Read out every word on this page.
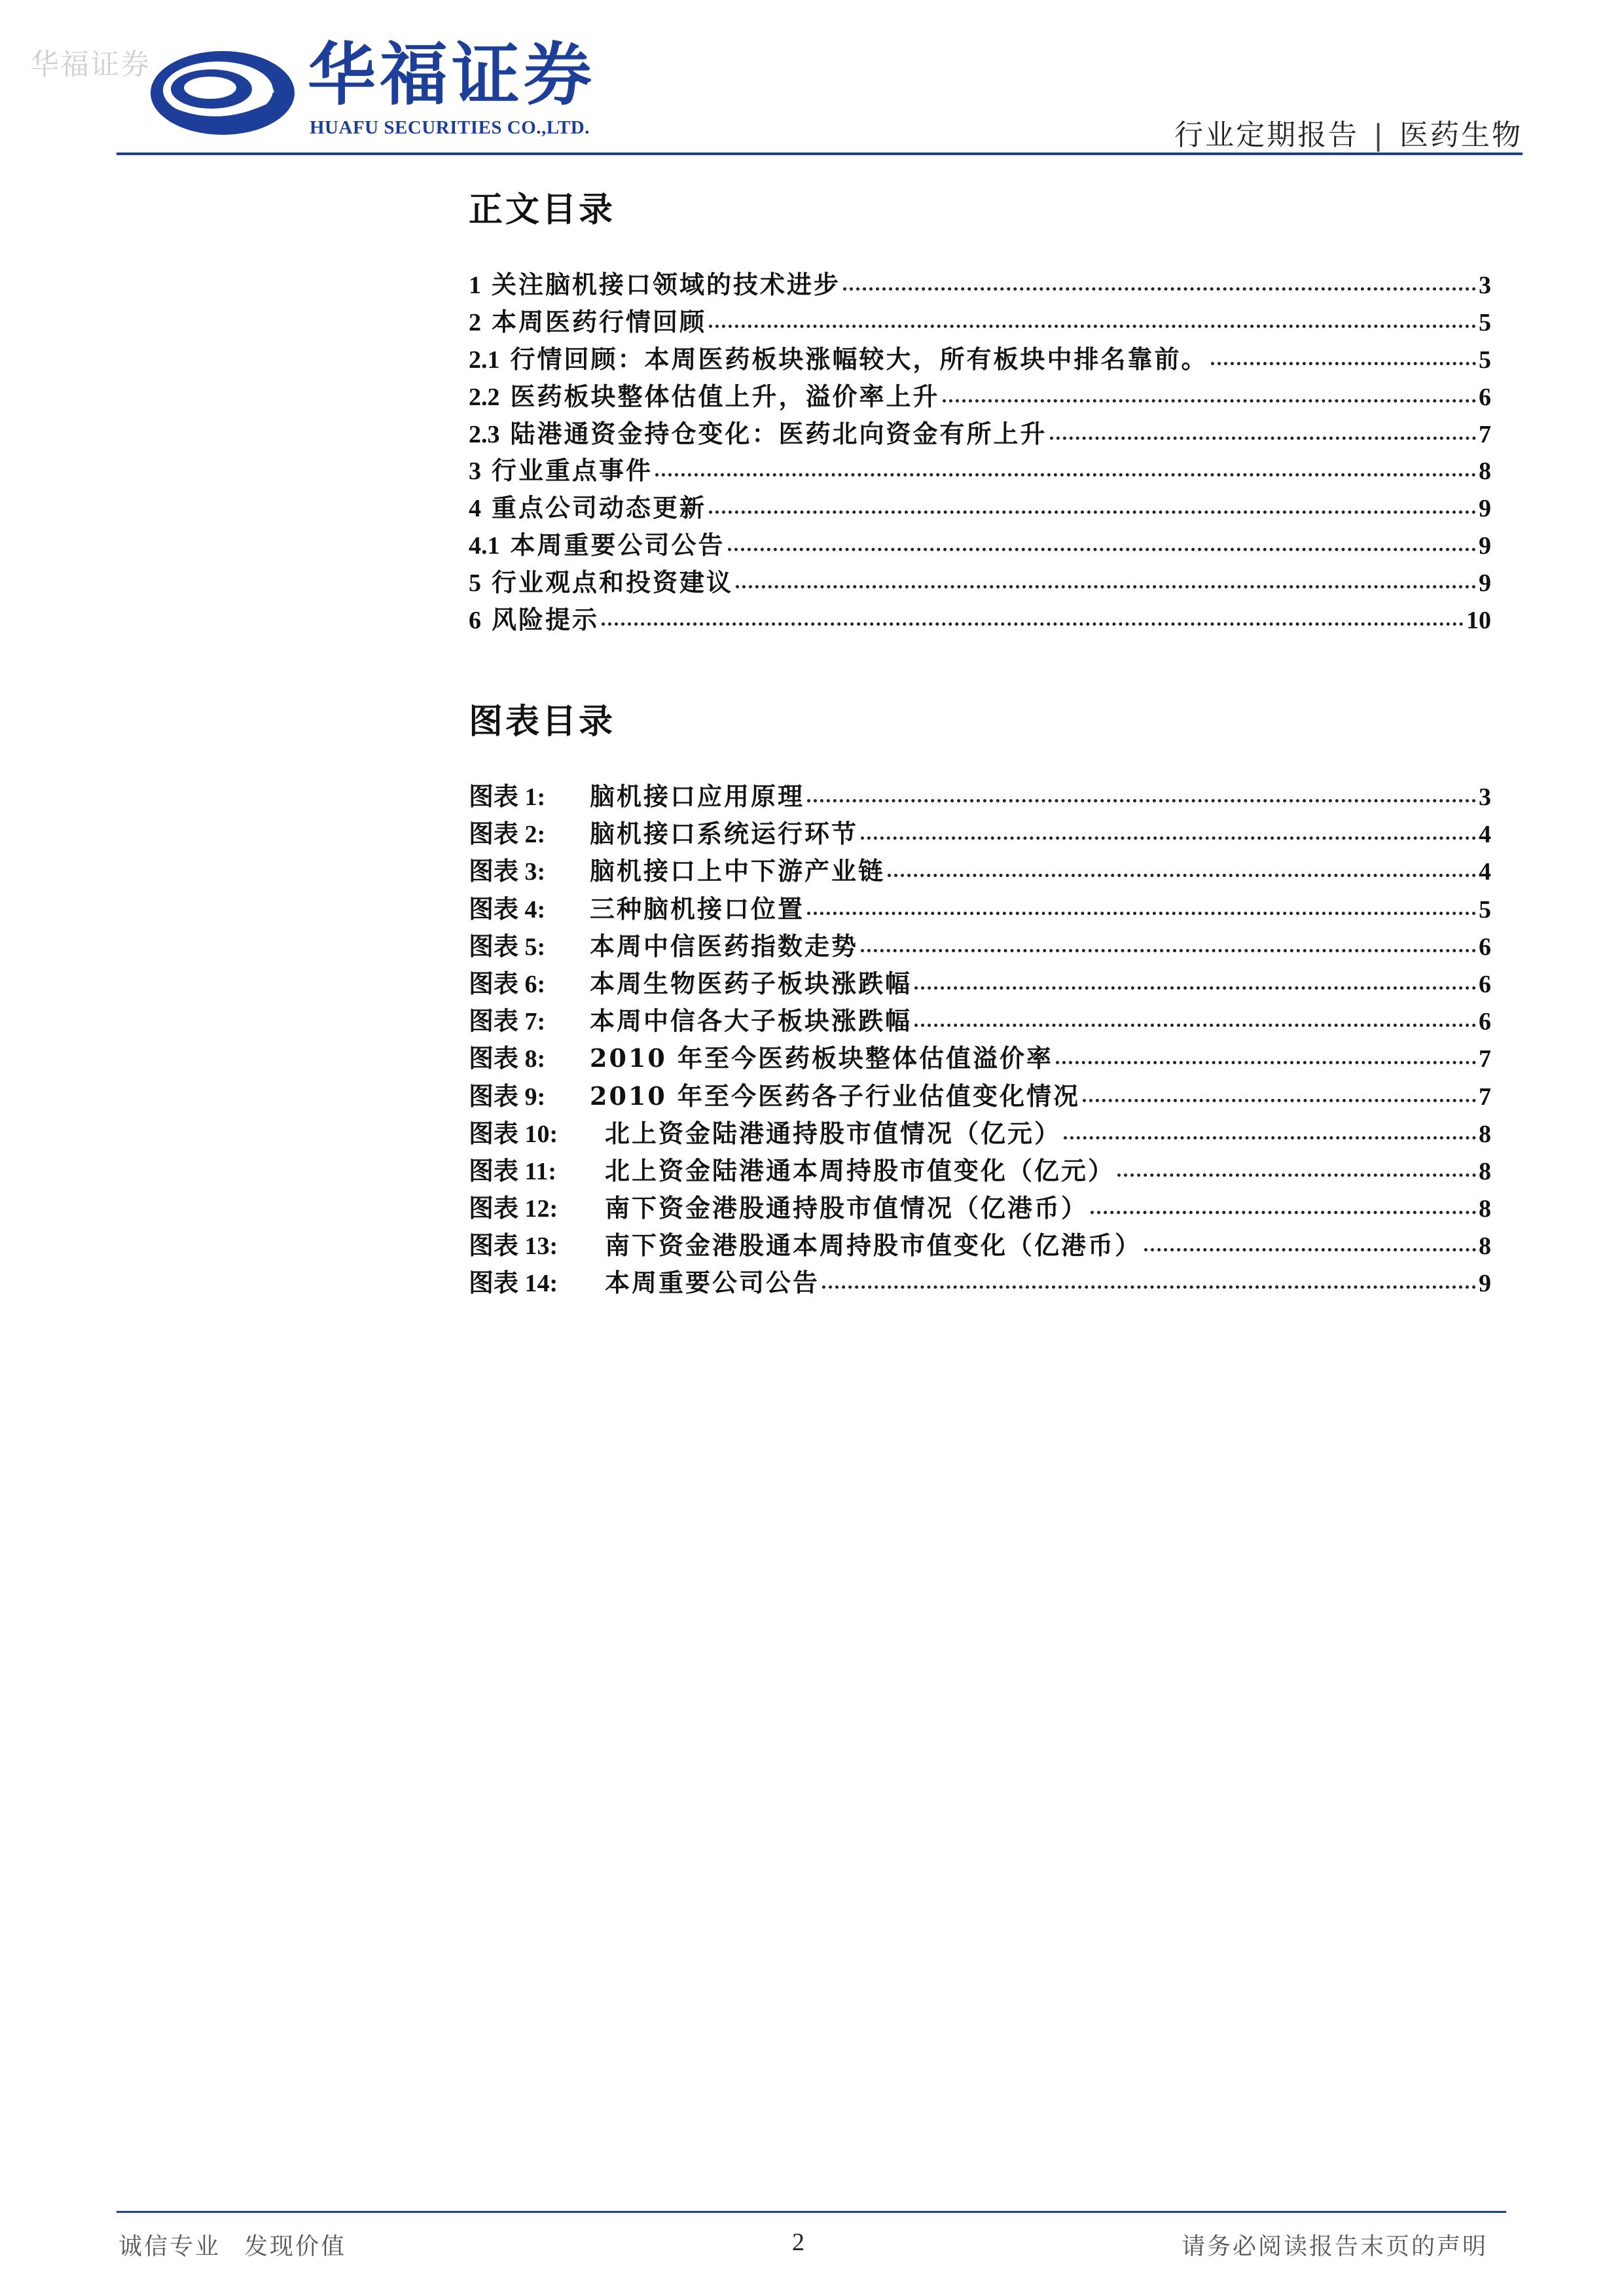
华福证券 华福证券
HUAFU SECURITIES CO.,LTD.	行业定期报告 | 医药生物
正文目录
1 关注脑机接口领域的技术进步	3
2 本周医药行情回顾	5
2.1 行情回顾：本周医药板块涨幅较大，所有板块中排名靠前。	5
2.2 医药板块整体估值上升，溢价率上升	6
2.3 陆港通资金持仓变化：医药北向资金有所上升	7
3 行业重点事件	8
4 重点公司动态更新	9
4.1 本周重要公司公告	9
5 行业观点和投资建议	9
6 风险提示	10
图表目录
图表 1:	脑机接口应用原理	3
图表 2:	脑机接口系统运行环节	4
图表 3:	脑机接口上中下游产业链	4
图表 4:	三种脑机接口位置	5
图表 5:	本周中信医药指数走势	6
图表 6:	本周生物医药子板块涨跌幅	6
图表 7:	本周中信各大子板块涨跌幅	6
图表 8:	2010 年至今医药板块整体估值溢价率	7
图表 9:	2010 年至今医药各子行业估值变化情况	7
图表 10:	北上资金陆港通持股市值情况（亿元）	8
图表 11:	北上资金陆港通本周持股市值变化（亿元）	8
图表 12:	南下资金港股通持股市值情况（亿港币）	8
图表 13:	南下资金港股通本周持股市值变化（亿港币）	8
图表 14:	本周重要公司公告	9
诚信专业 发现价值	2	请务必阅读报告末页的声明
